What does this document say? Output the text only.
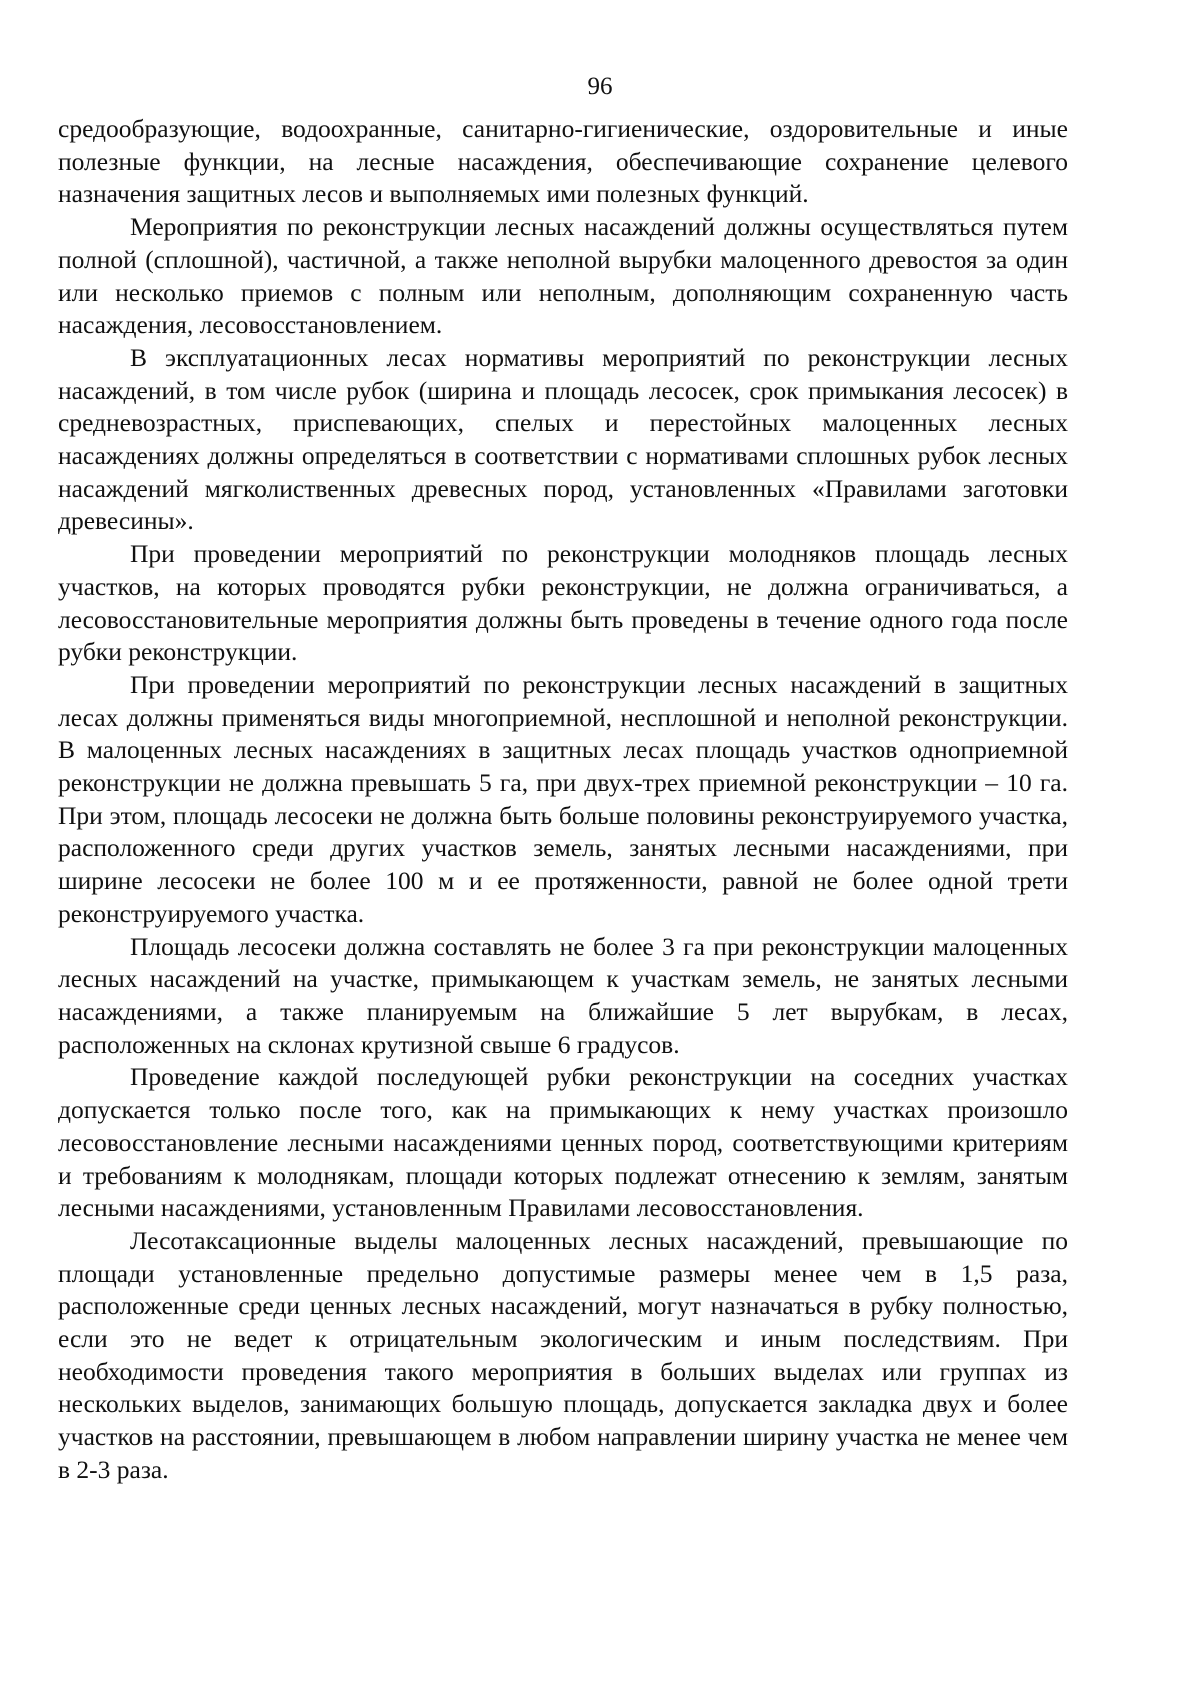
96

средообразующие, водоохранные, санитарно-гигиенические, оздоровительные и иные полезные функции, на лесные насаждения, обеспечивающие сохранение целевого назначения защитных лесов и выполняемых ими полезных функций.

Мероприятия по реконструкции лесных насаждений должны осуществляться путем полной (сплошной), частичной, а также неполной вырубки малоценного древостоя за один или несколько приемов с полным или неполным, дополняющим сохраненную часть насаждения, лесовосстановлением.

В эксплуатационных лесах нормативы мероприятий по реконструкции лесных насаждений, в том числе рубок (ширина и площадь лесосек, срок примыкания лесосек) в средневозрастных, приспевающих, спелых и перестойных малоценных лесных насаждениях должны определяться в соответствии с нормативами сплошных рубок лесных насаждений мягколиственных древесных пород, установленных «Правилами заготовки древесины».

При проведении мероприятий по реконструкции молодняков площадь лесных участков, на которых проводятся рубки реконструкции, не должна ограничиваться, а лесовосстановительные мероприятия должны быть проведены в течение одного года после рубки реконструкции.

При проведении мероприятий по реконструкции лесных насаждений в защитных лесах должны применяться виды многоприемной, несплошной и неполной реконструкции. В малоценных лесных насаждениях в защитных лесах площадь участков одноприемной реконструкции не должна превышать 5 га, при двух-трех приемной реконструкции – 10 га. При этом, площадь лесосеки не должна быть больше половины реконструируемого участка, расположенного среди других участков земель, занятых лесными насаждениями, при ширине лесосеки не более 100 м и ее протяженности, равной не более одной трети реконструируемого участка.

Площадь лесосеки должна составлять не более 3 га при реконструкции малоценных лесных насаждений на участке, примыкающем к участкам земель, не занятых лесными насаждениями, а также планируемым на ближайшие 5 лет вырубкам, в лесах, расположенных на склонах крутизной свыше 6 градусов.

Проведение каждой последующей рубки реконструкции на соседних участках допускается только после того, как на примыкающих к нему участках произошло лесовосстановление лесными насаждениями ценных пород, соответствующими критериям и требованиям к молоднякам, площади которых подлежат отнесению к землям, занятым лесными насаждениями, установленным Правилами лесовосстановления.

Лесотаксационные выделы малоценных лесных насаждений, превышающие по площади установленные предельно допустимые размеры менее чем в 1,5 раза, расположенные среди ценных лесных насаждений, могут назначаться в рубку полностью, если это не ведет к отрицательным экологическим и иным последствиям. При необходимости проведения такого мероприятия в больших выделах или группах из нескольких выделов, занимающих большую площадь, допускается закладка двух и более участков на расстоянии, превышающем в любом направлении ширину участка не менее чем в 2-3 раза.
